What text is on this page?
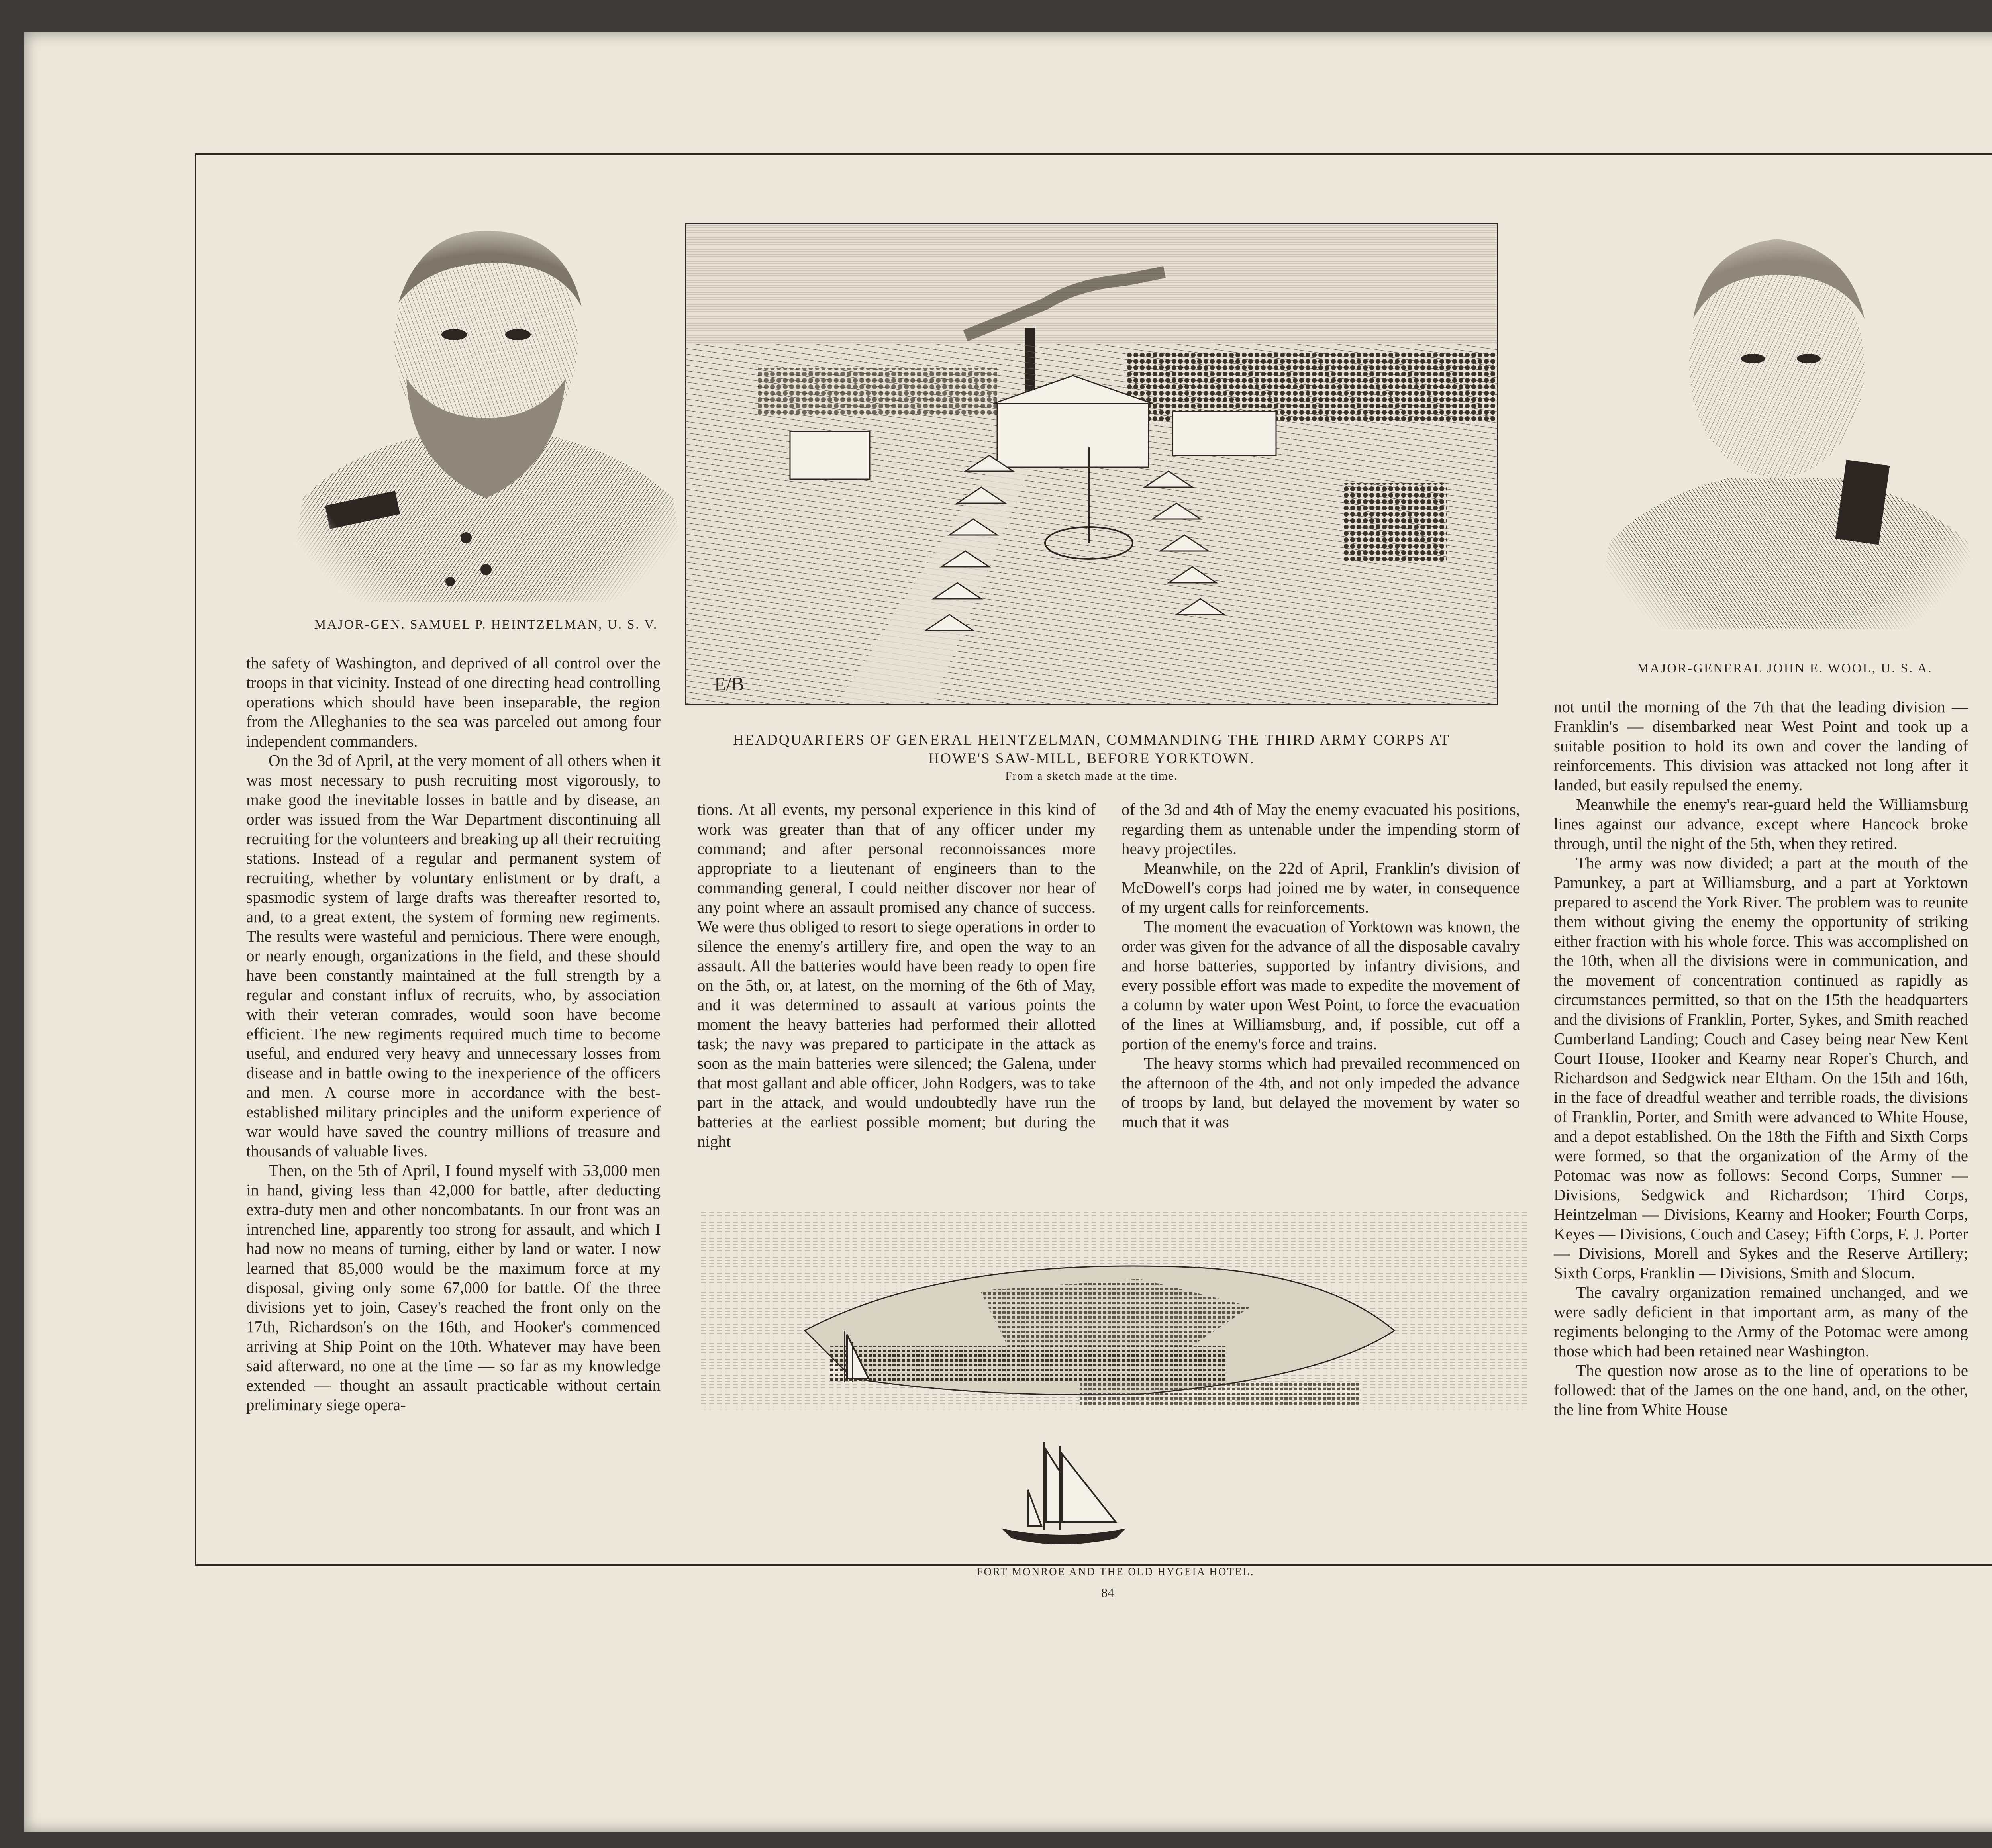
MAJOR-GEN. SAMUEL P. HEINTZELMAN, U. S. V.
E/B
HEADQUARTERS OF GENERAL HEINTZELMAN, COMMANDING THE THIRD ARMY CORPS AT
HOWE'S SAW-MILL, BEFORE YORKTOWN.
From a sketch made at the time.
MAJOR-GENERAL JOHN E. WOOL, U. S. A.
FORT MONROE AND THE OLD HYGEIA HOTEL.
84

the safety of Washington, and deprived of all control over the troops in that vicinity. Instead of one directing head controlling operations which should have been inseparable, the region from the Alleghanies to the sea was parceled out among four independent commanders.

On the 3d of April, at the very moment of all others when it was most necessary to push recruiting most vigorously, to make good the inevitable losses in battle and by disease, an order was issued from the War Department discontinuing all recruiting for the volunteers and breaking up all their recruiting stations. Instead of a regular and permanent system of recruiting, whether by voluntary enlistment or by draft, a spasmodic system of large drafts was thereafter resorted to, and, to a great extent, the system of forming new regiments. The results were wasteful and pernicious. There were enough, or nearly enough, organizations in the field, and these should have been constantly maintained at the full strength by a regular and constant influx of recruits, who, by association with their veteran comrades, would soon have become efficient. The new regiments required much time to become useful, and endured very heavy and unnecessary losses from disease and in battle owing to the inexperience of the officers and men. A course more in accordance with the best-established military principles and the uniform experience of war would have saved the country millions of treasure and thousands of valuable lives.

Then, on the 5th of April, I found myself with 53,000 men in hand, giving less than 42,000 for battle, after deducting extra-duty men and other noncombatants. In our front was an intrenched line, apparently too strong for assault, and which I had now no means of turning, either by land or water. I now learned that 85,000 would be the maximum force at my disposal, giving only some 67,000 for battle. Of the three divisions yet to join, Casey's reached the front only on the 17th, Richardson's on the 16th, and Hooker's commenced arriving at Ship Point on the 10th. Whatever may have been said afterward, no one at the time — so far as my knowledge extended — thought an assault practicable without certain preliminary siege opera-

tions. At all events, my personal experience in this kind of work was greater than that of any officer under my command; and after personal reconnoissances more appropriate to a lieutenant of engineers than to the commanding general, I could neither discover nor hear of any point where an assault promised any chance of success. We were thus obliged to resort to siege operations in order to silence the enemy's artillery fire, and open the way to an assault. All the batteries would have been ready to open fire on the 5th, or, at latest, on the morning of the 6th of May, and it was determined to assault at various points the moment the heavy batteries had performed their allotted task; the navy was prepared to participate in the attack as soon as the main batteries were silenced; the Galena, under that most gallant and able officer, John Rodgers, was to take part in the attack, and would undoubtedly have run the batteries at the earliest possible moment; but during the night

of the 3d and 4th of May the enemy evacuated his positions, regarding them as untenable under the impending storm of heavy projectiles.

Meanwhile, on the 22d of April, Franklin's division of McDowell's corps had joined me by water, in consequence of my urgent calls for reinforcements.

The moment the evacuation of Yorktown was known, the order was given for the advance of all the disposable cavalry and horse batteries, supported by infantry divisions, and every possible effort was made to expedite the movement of a column by water upon West Point, to force the evacuation of the lines at Williamsburg, and, if possible, cut off a portion of the enemy's force and trains.

The heavy storms which had prevailed recommenced on the afternoon of the 4th, and not only impeded the advance of troops by land, but delayed the movement by water so much that it was

not until the morning of the 7th that the leading division — Franklin's — disembarked near West Point and took up a suitable position to hold its own and cover the landing of reinforcements. This division was attacked not long after it landed, but easily repulsed the enemy.

Meanwhile the enemy's rear-guard held the Williamsburg lines against our advance, except where Hancock broke through, until the night of the 5th, when they retired.

The army was now divided; a part at the mouth of the Pamunkey, a part at Williamsburg, and a part at Yorktown prepared to ascend the York River. The problem was to reunite them without giving the enemy the opportunity of striking either fraction with his whole force. This was accomplished on the 10th, when all the divisions were in communication, and the movement of concentration continued as rapidly as circumstances permitted, so that on the 15th the headquarters and the divisions of Franklin, Porter, Sykes, and Smith reached Cumberland Landing; Couch and Casey being near New Kent Court House, Hooker and Kearny near Roper's Church, and Richardson and Sedgwick near Eltham. On the 15th and 16th, in the face of dreadful weather and terrible roads, the divisions of Franklin, Porter, and Smith were advanced to White House, and a depot established. On the 18th the Fifth and Sixth Corps were formed, so that the organization of the Army of the Potomac was now as follows: Second Corps, Sumner — Divisions, Sedgwick and Richardson; Third Corps, Heintzelman — Divisions, Kearny and Hooker; Fourth Corps, Keyes — Divisions, Couch and Casey; Fifth Corps, F. J. Porter — Divisions, Morell and Sykes and the Reserve Artillery; Sixth Corps, Franklin — Divisions, Smith and Slocum.

The cavalry organization remained unchanged, and we were sadly deficient in that important arm, as many of the regiments belonging to the Army of the Potomac were among those which had been retained near Washington.

The question now arose as to the line of operations to be followed: that of the James on the one hand, and, on the other, the line from White House
